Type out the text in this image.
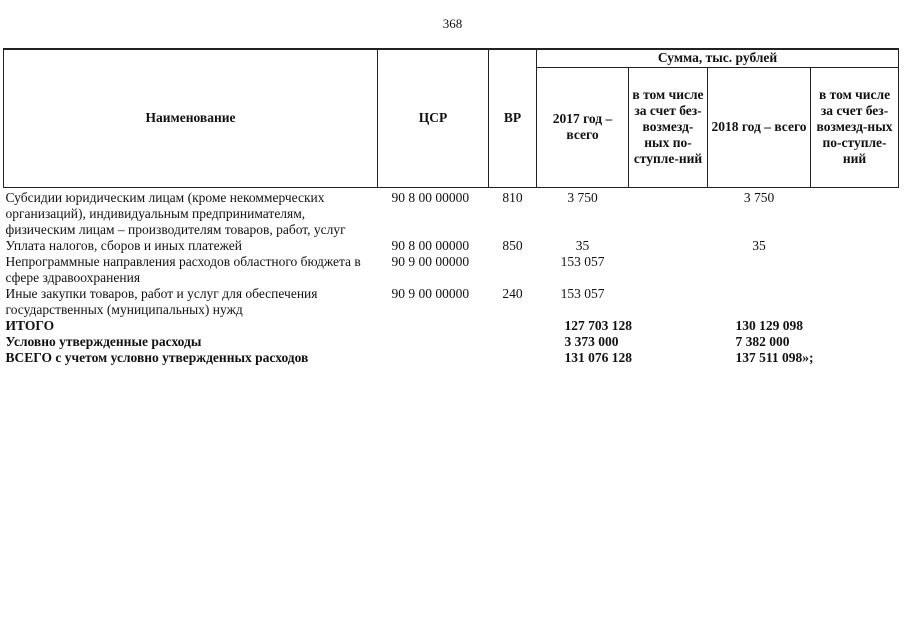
368
Наименование	ЦСР	ВР	Сумма, тыс. рублей			
			2017 год – всего	в том числе за счет без-возмезд-ных по-ступле-ний	2018 год – всего	в том числе за счет без-возмезд-ных по-ступле-ний
Субсидии юридическим лицам (кроме некоммерческих организаций), индивидуальным предпринимателям, физическим лицам – производителям товаров, работ, услуг	90 8 00 00000	810	3 750		3 750	
Уплата налогов, сборов и иных платежей	90 8 00 00000	850	35		35	
Непрограммные направления расходов областного бюджета в сфере здравоохранения	90 9 00 00000		153 057			
Иные закупки товаров, работ и услуг для обеспечения государственных (муниципальных) нужд	90 9 00 00000	240	153 057			
ИТОГО			127 703 128		130 129 098	
Условно утвержденные расходы			3 373 000		7 382 000	
ВСЕГО с учетом условно утвержденных расходов			131 076 128		137 511 098»;	
